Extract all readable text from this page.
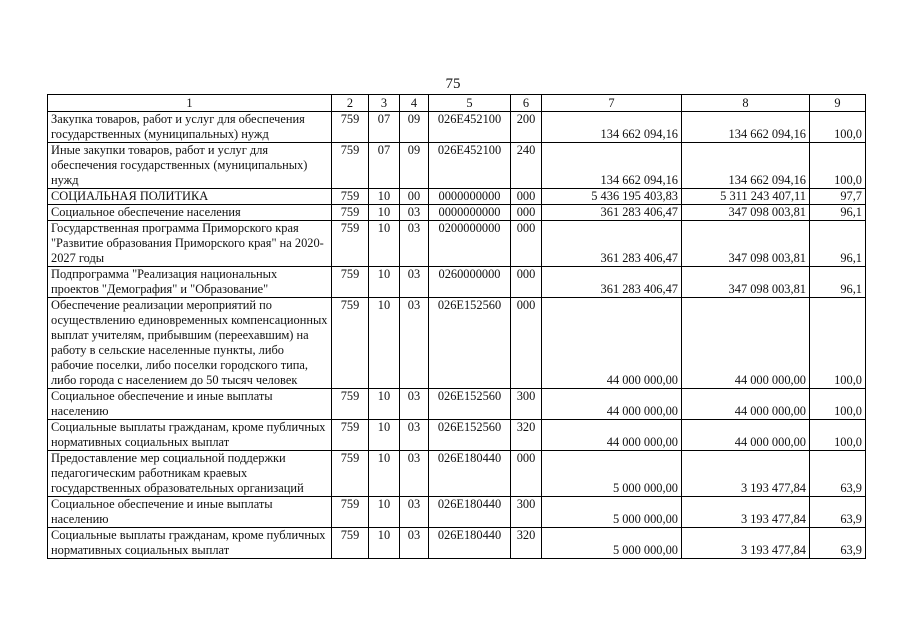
75
1	2	3	4	5	6	7	8	9
Закупка товаров, работ и услуг для обеспечения государственных (муниципальных) нужд	759	07	09	026E452100	200	134 662 094,16	134 662 094,16	100,0
Иные закупки товаров, работ и услуг для обеспечения государственных (муниципальных) нужд	759	07	09	026E452100	240	134 662 094,16	134 662 094,16	100,0
СОЦИАЛЬНАЯ ПОЛИТИКА	759	10	00	0000000000	000	5 436 195 403,83	5 311 243 407,11	97,7
Социальное обеспечение населения	759	10	03	0000000000	000	361 283 406,47	347 098 003,81	96,1
Государственная программа Приморского края "Развитие образования Приморского края" на 2020-2027 годы	759	10	03	0200000000	000	361 283 406,47	347 098 003,81	96,1
Подпрограмма "Реализация национальных проектов "Демография" и "Образование"	759	10	03	0260000000	000	361 283 406,47	347 098 003,81	96,1
Обеспечение реализации мероприятий по осуществлению единовременных компенсационных выплат учителям, прибывшим (переехавшим) на работу в сельские населенные пункты, либо рабочие поселки, либо поселки городского типа, либо города с населением до 50 тысяч человек	759	10	03	026E152560	000	44 000 000,00	44 000 000,00	100,0
Социальное обеспечение и иные выплаты населению	759	10	03	026E152560	300	44 000 000,00	44 000 000,00	100,0
Социальные выплаты гражданам, кроме публичных нормативных социальных выплат	759	10	03	026E152560	320	44 000 000,00	44 000 000,00	100,0
Предоставление мер социальной поддержки педагогическим работникам краевых государственных образовательных организаций	759	10	03	026E180440	000	5 000 000,00	3 193 477,84	63,9
Социальное обеспечение и иные выплаты населению	759	10	03	026E180440	300	5 000 000,00	3 193 477,84	63,9
Социальные выплаты гражданам, кроме публичных нормативных социальных выплат	759	10	03	026E180440	320	5 000 000,00	3 193 477,84	63,9
